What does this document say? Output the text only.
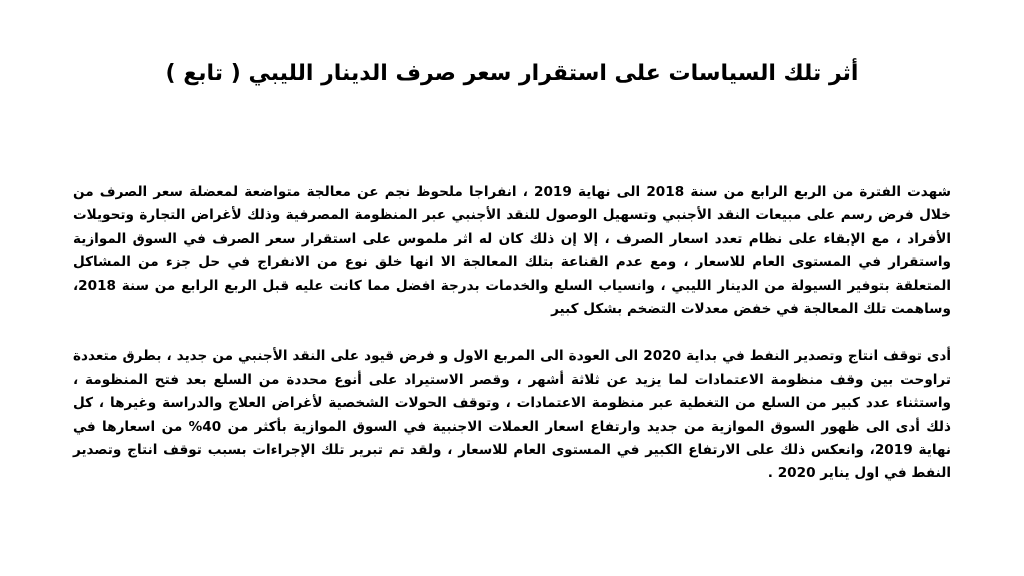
أثر تلك السياسات على استقرار سعر صرف الدينار الليبي ( تابع )

شهدت الفترة من الربع الرابع من سنة 2018 الى نهاية 2019 ، انفراجا ملحوظ نجم عن معالجة متواضعة لمعضلة سعر الصرف من خلال فرض رسم على مبيعات النقد الأجنبي وتسهيل الوصول للنقد الأجنبي عبر المنظومة المصرفية وذلك لأغراض التجارة وتحويلات الأفراد ، مع الإبقاء على نظام تعدد اسعار الصرف ، إلا إن ذلك كان له اثر ملموس على استقرار سعر الصرف في السوق الموازية واستقرار في المستوى العام للاسعار ، ومع عدم القناعة بتلك المعالجة الا انها خلق نوع من الانفراج في حل جزء من المشاكل المتعلقة بتوفير السيولة من الدينار الليبي ، وانسياب السلع والخدمات بدرجة افضل مما كانت عليه قبل الربع الرابع من سنة 2018، وساهمت تلك المعالجة في خفض معدلات التضخم بشكل كبير

أدى توقف انتاج وتصدير النفط في بداية 2020 الى العودة الى المربع الاول و فرض قيود على النقد الأجنبي من جديد ، بطرق متعددة تراوحت بين وقف منظومة الاعتمادات لما يزيد عن ثلاثة أشهر ، وقصر الاستيراد على أنوع محددة من السلع بعد فتح المنظومة ، واستثناء عدد كبير من السلع من التغطية عبر منظومة الاعتمادات ، وتوقف الحولات الشخصية لأغراض العلاج والدراسة وغيرها ، كل ذلك أدى الى ظهور السوق الموازية من جديد وارتفاع اسعار العملات الاجنبية في السوق الموازية بأكثر من 40% من اسعارها في نهاية 2019، وانعكس ذلك على الارتفاع الكبير في المستوى العام للاسعار ، ولقد تم تبرير تلك الإجراءات بسبب توقف انتاج وتصدير النفط في اول يناير 2020 .
